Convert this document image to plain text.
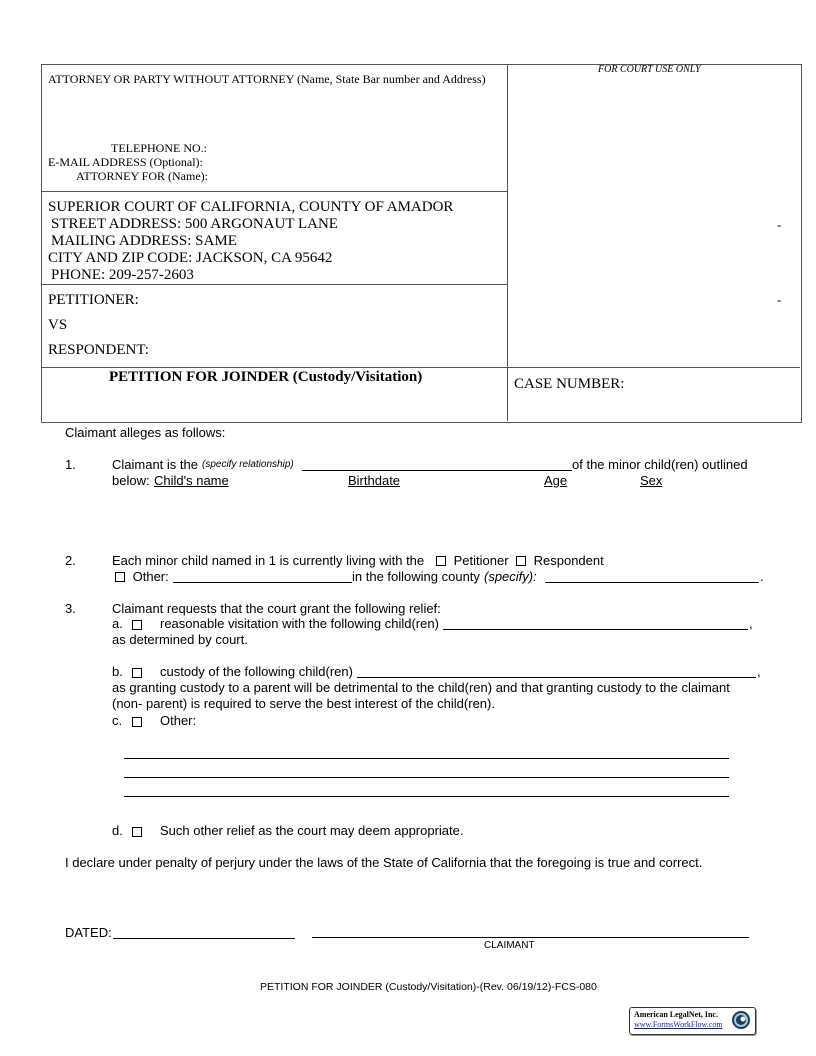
ATTORNEY OR PARTY WITHOUT ATTORNEY (Name, State Bar number and Address)
FOR COURT USE ONLY
TELEPHONE NO.:
E-MAIL ADDRESS (Optional):
ATTORNEY FOR (Name):
SUPERIOR COURT OF CALIFORNIA, COUNTY OF AMADOR
STREET ADDRESS: 500 ARGONAUT LANE
MAILING ADDRESS: SAME
CITY AND ZIP CODE: JACKSON, CA 95642
PHONE: 209-257-2603
PETITIONER:
VS
RESPONDENT:
PETITION FOR JOINDER (Custody/Visitation)	CASE NUMBER:
-
-
Claimant alleges as follows:
1.	Claimant is the (specify relationship)	of the minor child(ren) outlined
below: Child's name	Birthdate	Age	Sex
2.	Each minor child named in 1 is currently living with the	Petitioner	Respondent
Other:	in the following county (specify):	.
3.	Claimant requests that the court grant the following relief:
a.	reasonable visitation with the following child(ren)	,
as determined by court.
b.	custody of the following child(ren)	,
as granting custody to a parent will be detrimental to the child(ren) and that granting custody to the claimant
(non- parent) is required to serve the best interest of the child(ren).
c.	Other:
d.	Such other relief as the court may deem appropriate.
I declare under penalty of perjury under the laws of the State of California that the foregoing is true and correct.
DATED:
CLAIMANT
PETITION FOR JOINDER (Custody/Visitation)-(Rev. 06/19/12)-FCS-080
American LegalNet, Inc.
www.FormsWorkFlow.com
